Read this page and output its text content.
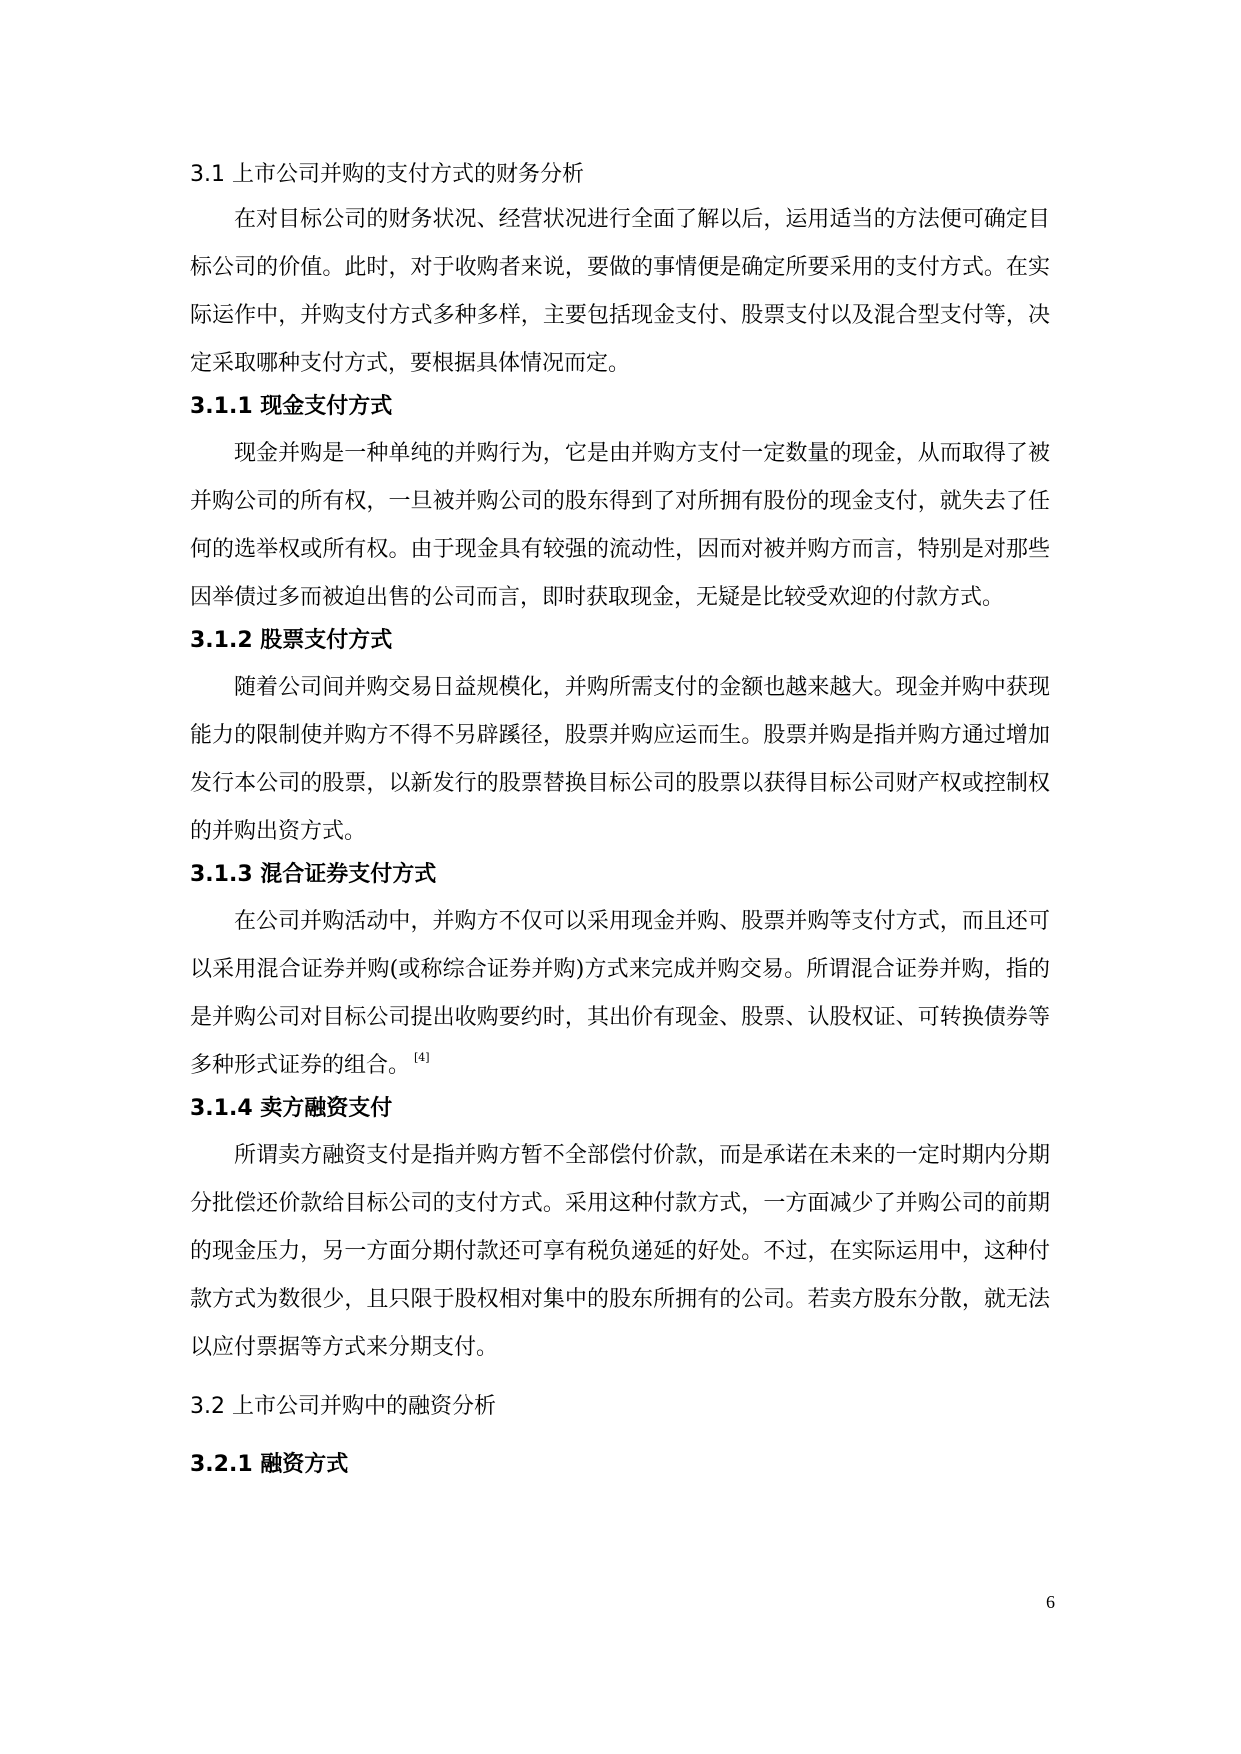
3.1 上市公司并购的支付方式的财务分析

在对目标公司的财务状况、经营状况进行全面了解以后，运用适当的方法便可确定目标公司的价值。此时，对于收购者来说，要做的事情便是确定所要采用的支付方式。在实际运作中，并购支付方式多种多样，主要包括现金支付、股票支付以及混合型支付等，决定采取哪种支付方式，要根据具体情况而定。

3.1.1 现金支付方式

现金并购是一种单纯的并购行为，它是由并购方支付一定数量的现金，从而取得了被并购公司的所有权，一旦被并购公司的股东得到了对所拥有股份的现金支付，就失去了任何的选举权或所有权。由于现金具有较强的流动性，因而对被并购方而言，特别是对那些因举债过多而被迫出售的公司而言，即时获取现金，无疑是比较受欢迎的付款方式。

3.1.2 股票支付方式

随着公司间并购交易日益规模化，并购所需支付的金额也越来越大。现金并购中获现能力的限制使并购方不得不另辟蹊径，股票并购应运而生。股票并购是指并购方通过增加发行本公司的股票，以新发行的股票替换目标公司的股票以获得目标公司财产权或控制权的并购出资方式。

3.1.3 混合证券支付方式

在公司并购活动中，并购方不仅可以采用现金并购、股票并购等支付方式，而且还可以采用混合证券并购(或称综合证券并购)方式来完成并购交易。所谓混合证券并购，指的是并购公司对目标公司提出收购要约时，其出价有现金、股票、认股权证、可转换债券等多种形式证券的组合。 [4]

3.1.4 卖方融资支付

所谓卖方融资支付是指并购方暂不全部偿付价款，而是承诺在未来的一定时期内分期分批偿还价款给目标公司的支付方式。采用这种付款方式，一方面减少了并购公司的前期的现金压力，另一方面分期付款还可享有税负递延的好处。不过，在实际运用中，这种付款方式为数很少，且只限于股权相对集中的股东所拥有的公司。若卖方股东分散，就无法以应付票据等方式来分期支付。

3.2 上市公司并购中的融资分析
3.2.1 融资方式
6
